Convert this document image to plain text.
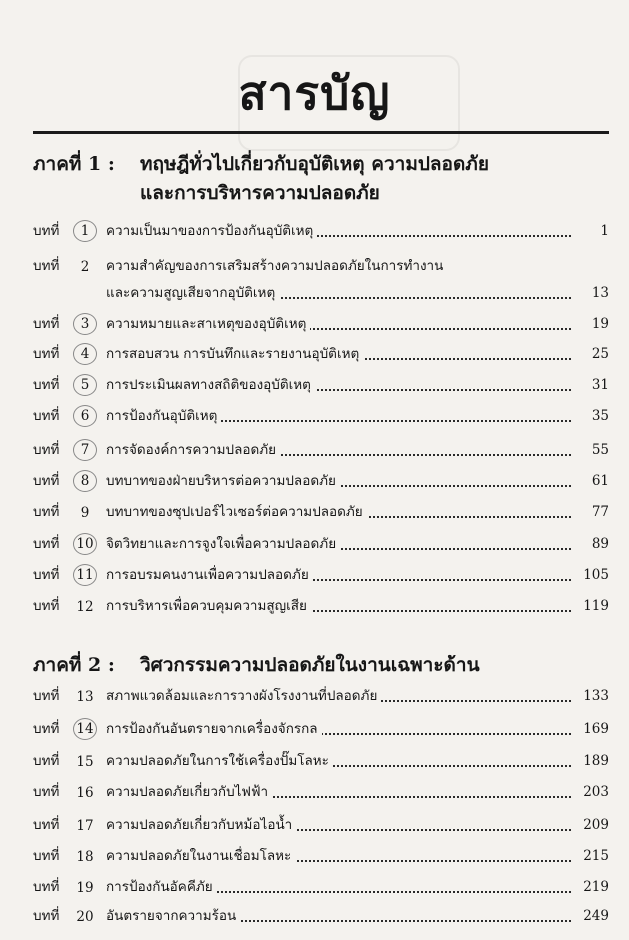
สารบัญ
ภาคที่ 1 : ทฤษฎีทั่วไปเกี่ยวกับอุบัติเหตุ ความปลอดภัย
และการบริหารความปลอดภัย
บทที่	1	ความเป็นมาของการป้องกันอุบัติเหตุ	1
บทที่	2	ความสำคัญของการเสริมสร้างความปลอดภัยในการทำงาน
และความสูญเสียจากอุบัติเหตุ	13
บทที่	3	ความหมายและสาเหตุของอุบัติเหตุ	19
บทที่	4	การสอบสวน การบันทึกและรายงานอุบัติเหตุ	25
บทที่	5	การประเมินผลทางสถิติของอุบัติเหตุ	31
บทที่	6	การป้องกันอุบัติเหตุ	35
บทที่	7	การจัดองค์การความปลอดภัย	55
บทที่	8	บทบาทของฝ่ายบริหารต่อความปลอดภัย	61
บทที่	9	บทบาทของซุปเปอร์ไวเซอร์ต่อความปลอดภัย	77
บทที่ 10 จิตวิทยาและการจูงใจเพื่อความปลอดภัย	89
บทที่ 11 การอบรมคนงานเพื่อความปลอดภัย	105
บทที่ 12 การบริหารเพื่อควบคุมความสูญเสีย	119
ภาคที่ 2 : วิศวกรรมความปลอดภัยในงานเฉพาะด้าน
บทที่ 13 สภาพแวดล้อมและการวางผังโรงงานที่ปลอดภัย	133
บทที่ 14 การป้องกันอันตรายจากเครื่องจักรกล	169
บทที่ 15 ความปลอดภัยในการใช้เครื่องปั๊มโลหะ	189
บทที่ 16 ความปลอดภัยเกี่ยวกับไฟฟ้า	203
บทที่ 17 ความปลอดภัยเกี่ยวกับหม้อไอน้ำ	209
บทที่ 18 ความปลอดภัยในงานเชื่อมโลหะ	215
บทที่ 19 การป้องกันอัคคีภัย	219
บทที่ 20 อันตรายจากความร้อน	249
